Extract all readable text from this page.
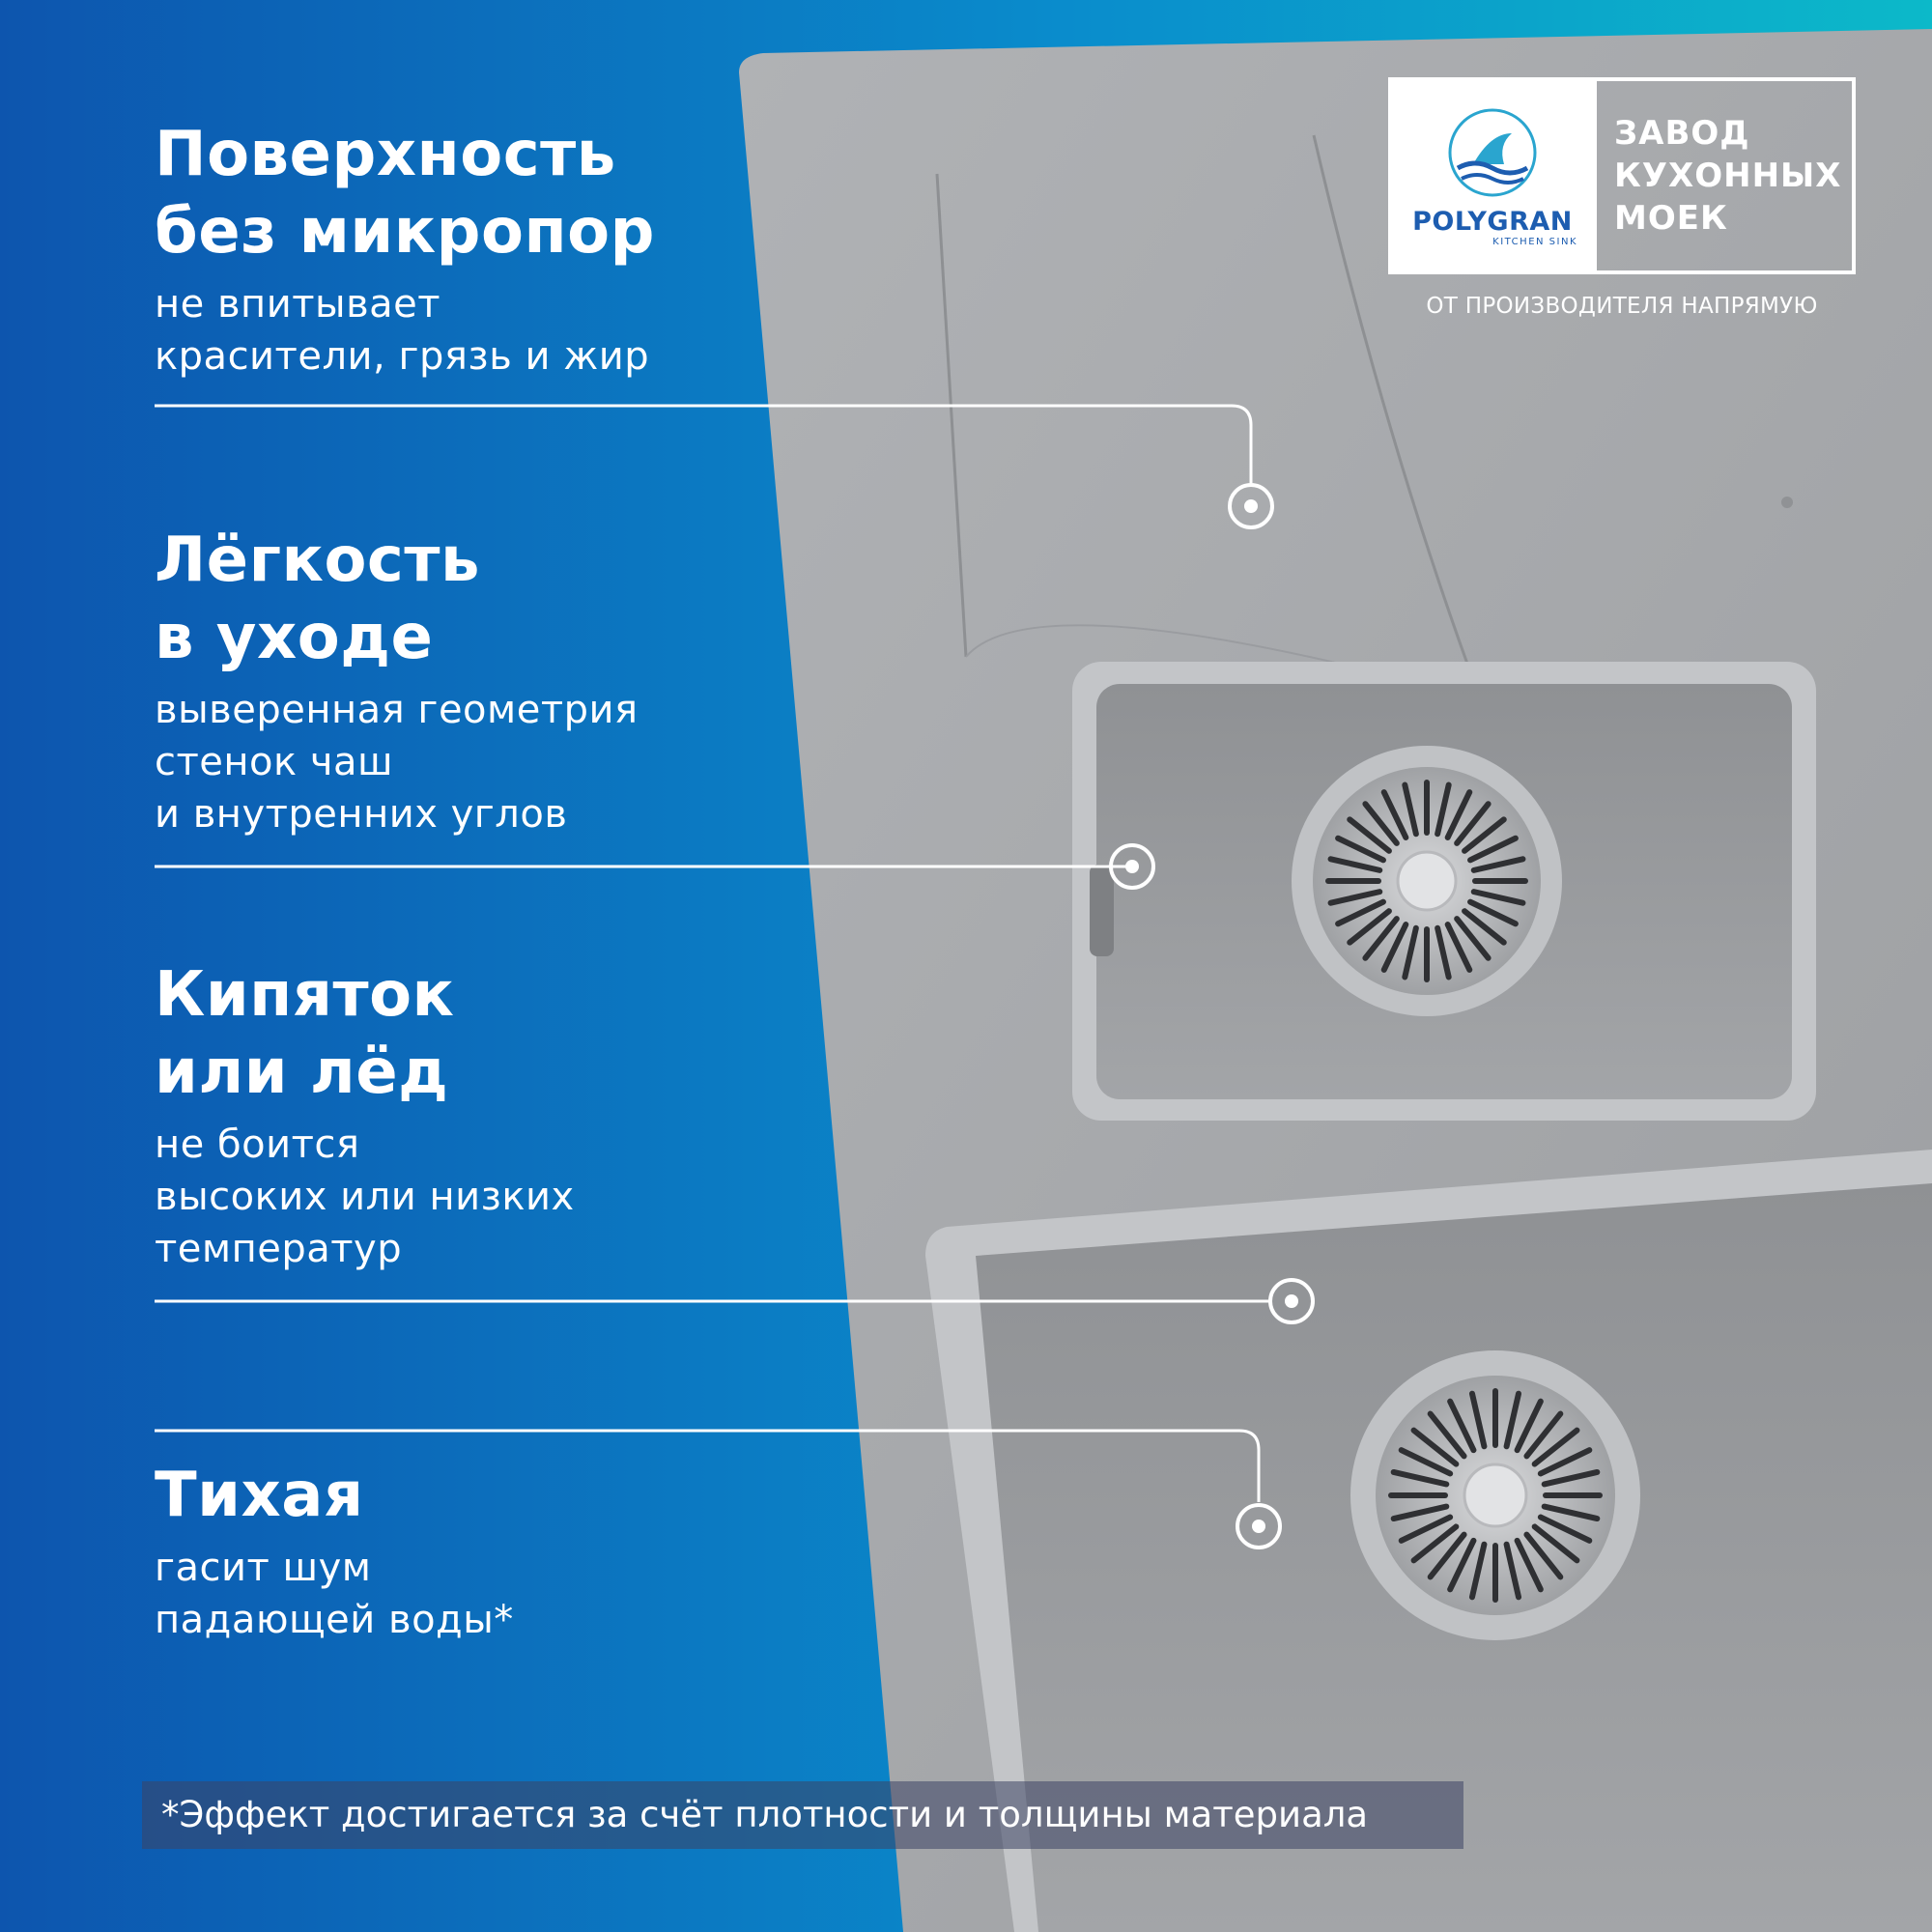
Поверхность
без микропор

не впитывает
красители, грязь и жир

Лёгкость
в уходе

выверенная геометрия
стенок чаш
и внутренних углов

Кипяток
или лёд

не боится
высоких или низких
температур

Тихая

гасит шум
падающей воды*

POLYGRAN
KITCHEN SINK
ЗАВОД
КУХОННЫХ
МОЕК
ОТ ПРОИЗВОДИТЕЛЯ НАПРЯМУЮ
*Эффект достигается за счёт плотности и толщины материала
